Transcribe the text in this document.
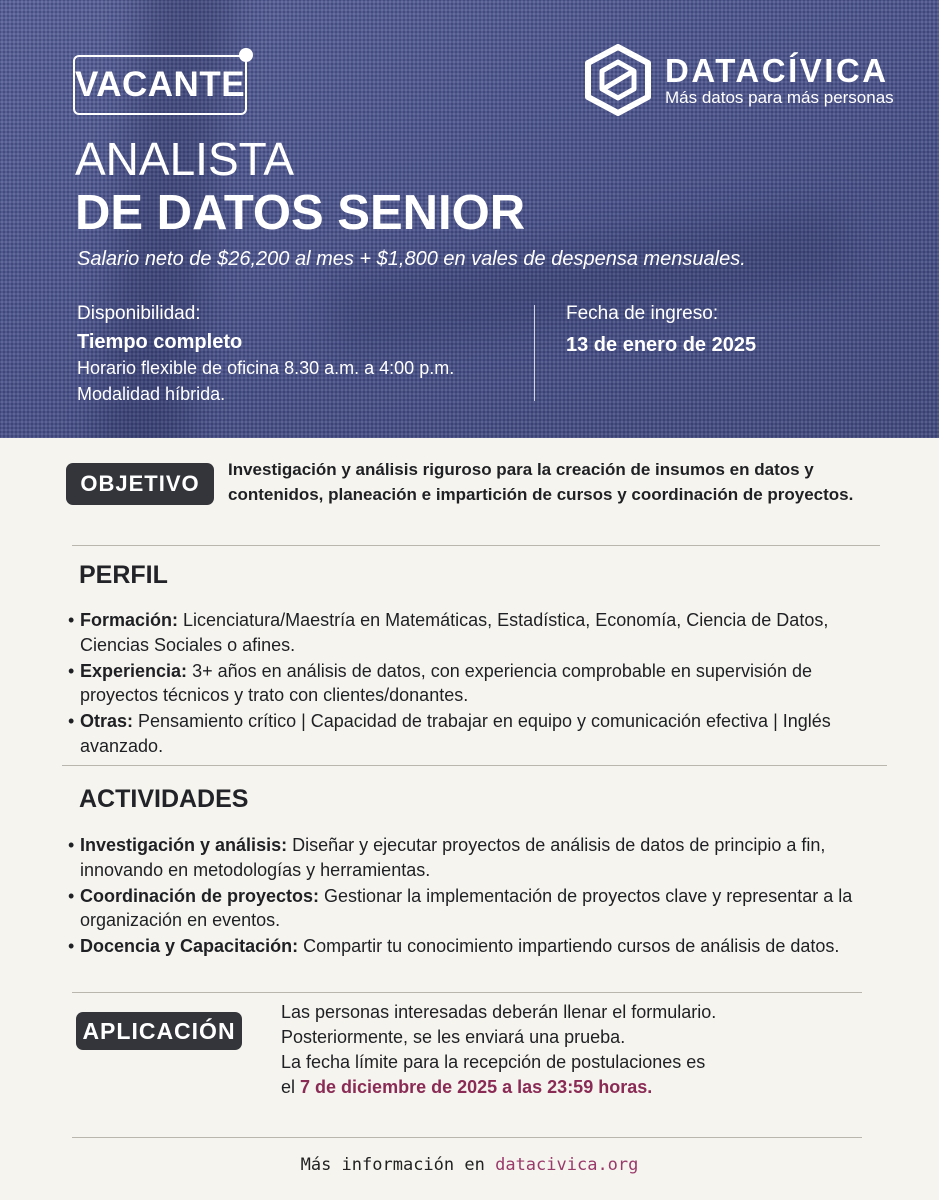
VACANTE	DATACÍVICA
Más datos para más personas
ANALISTA
DE DATOS SENIOR
Salario neto de $26,200 al mes + $1,800 en vales de despensa mensuales.
Disponibilidad:
Tiempo completo
Horario flexible de oficina 8.30 a.m. a 4:00 p.m.
Modalidad híbrida.
Fecha de ingreso:
13 de enero de 2025
OBJETIVO
Investigación y análisis riguroso para la creación de insumos en datos y contenidos, planeación e impartición de cursos y coordinación de proyectos.
PERFIL
• Formación: Licenciatura/Maestría en Matemáticas, Estadística, Economía, Ciencia de Datos, Ciencias Sociales o afines.
• Experiencia: 3+ años en análisis de datos, con experiencia comprobable en supervisión de proyectos técnicos y trato con clientes/donantes.
• Otras: Pensamiento crítico | Capacidad de trabajar en equipo y comunicación efectiva | Inglés avanzado.
ACTIVIDADES
• Investigación y análisis: Diseñar y ejecutar proyectos de análisis de datos de principio a fin, innovando en metodologías y herramientas.
• Coordinación de proyectos: Gestionar la implementación de proyectos clave y representar a la organización en eventos.
• Docencia y Capacitación: Compartir tu conocimiento impartiendo cursos de análisis de datos.
APLICACIÓN
Las personas interesadas deberán llenar el formulario.
Posteriormente, se les enviará una prueba.
La fecha límite para la recepción de postulaciones es
el 7 de diciembre de 2025 a las 23:59 horas.
Más información en datacivica.org
